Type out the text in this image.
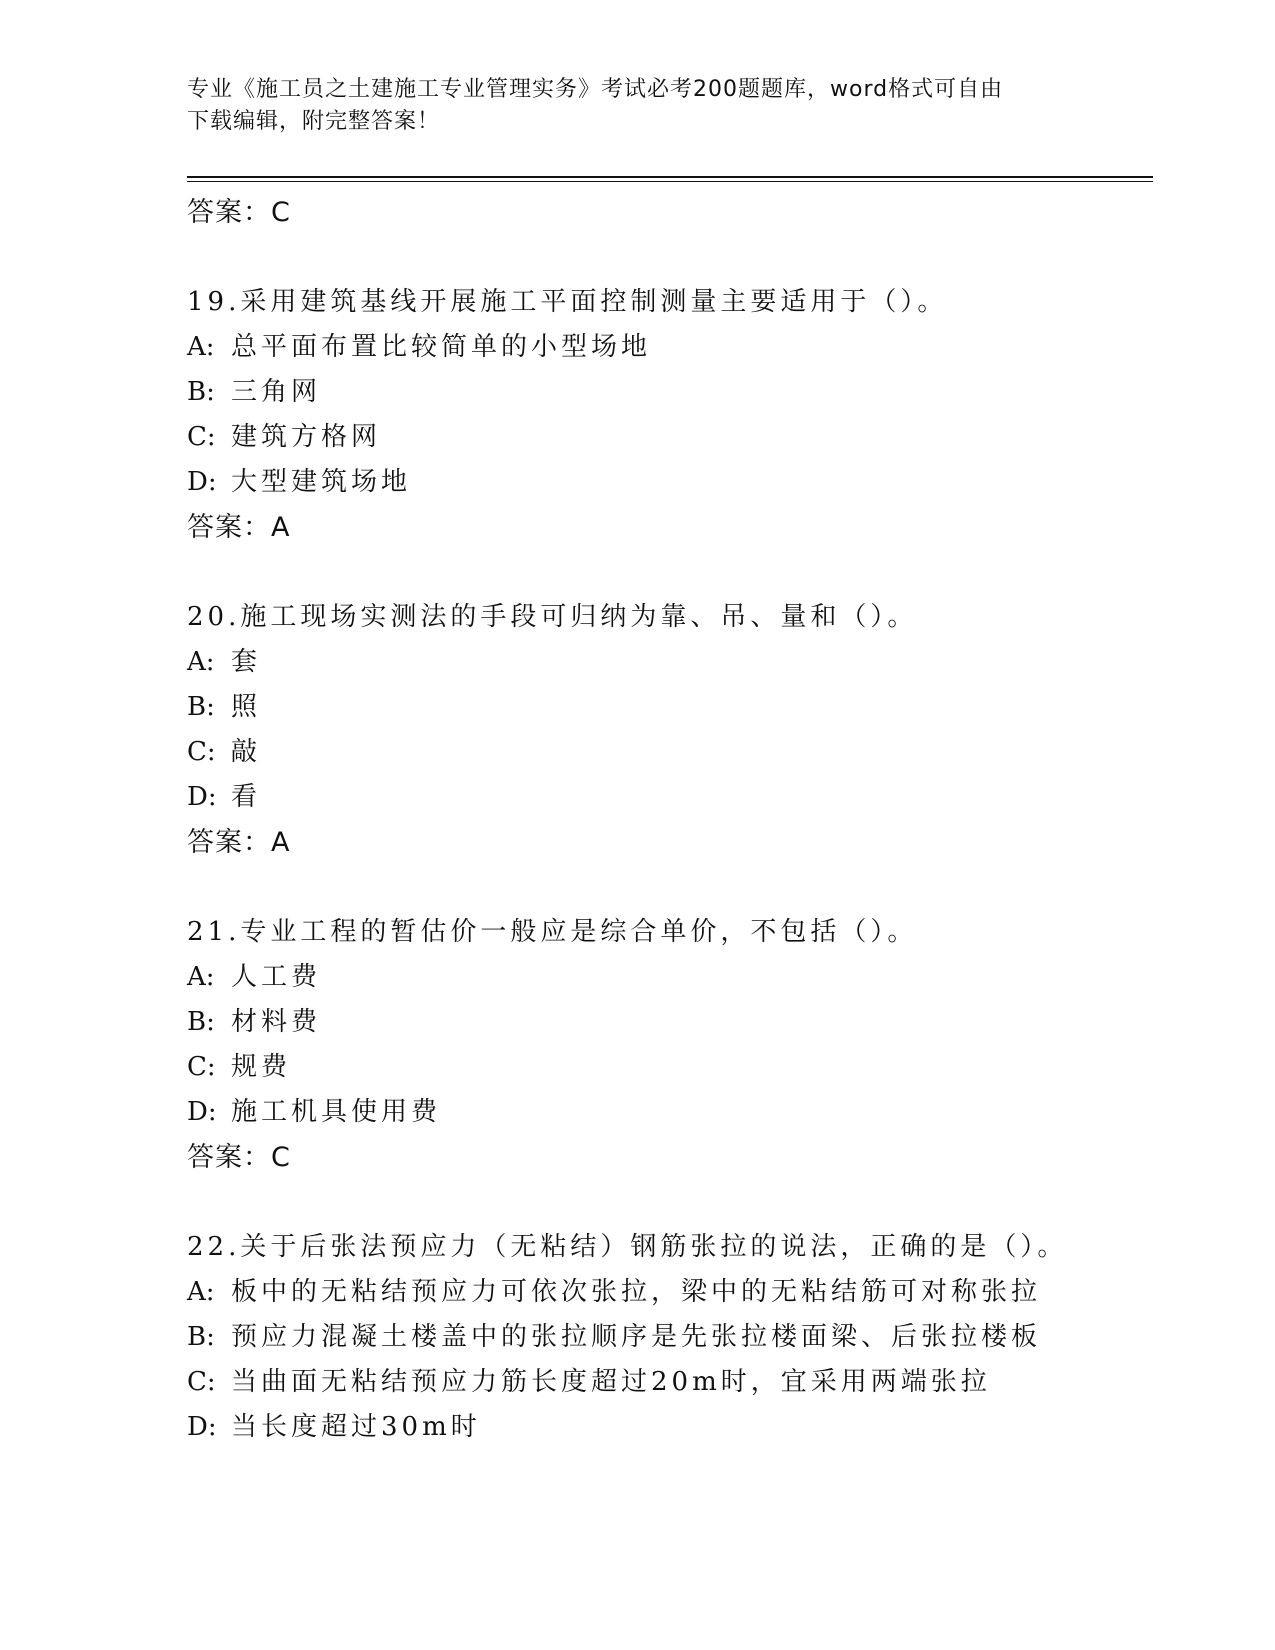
专业《施工员之土建施工专业管理实务》考试必考200题题库，word格式可自由
下载编辑，附完整答案！
答案：C
19.采用建筑基线开展施工平面控制测量主要适用于（）。
A: 总平面布置比较简单的小型场地
B: 三角网
C: 建筑方格网
D: 大型建筑场地
答案：A
20.施工现场实测法的手段可归纳为靠、吊、量和（）。
A: 套
B: 照
C: 敲
D: 看
答案：A
21.专业工程的暂估价一般应是综合单价，不包括（）。
A: 人工费
B: 材料费
C: 规费
D: 施工机具使用费
答案：C
22.关于后张法预应力（无粘结）钢筋张拉的说法，正确的是（）。
A: 板中的无粘结预应力可依次张拉，梁中的无粘结筋可对称张拉
B: 预应力混凝土楼盖中的张拉顺序是先张拉楼面梁、后张拉楼板
C: 当曲面无粘结预应力筋长度超过20m时，宜采用两端张拉
D: 当长度超过30m时
